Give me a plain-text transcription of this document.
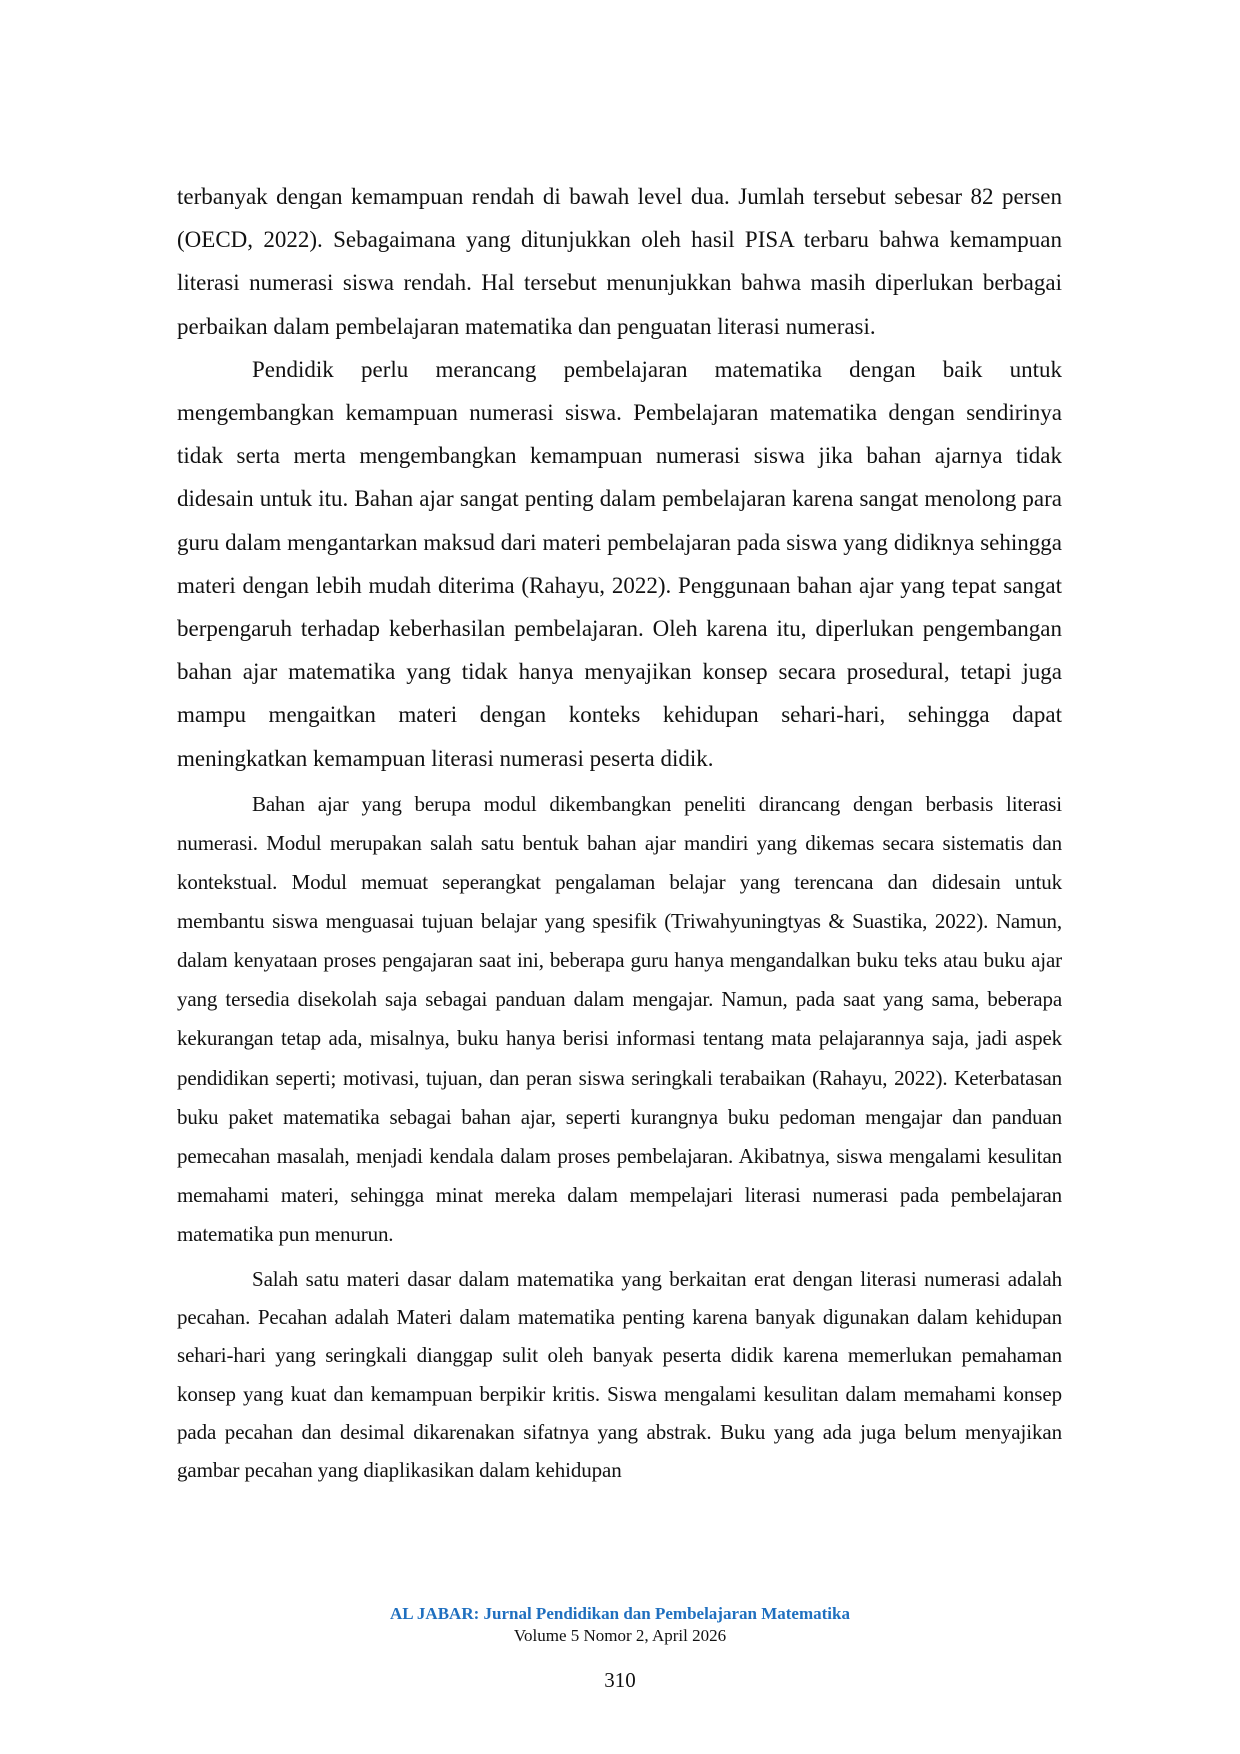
terbanyak dengan kemampuan rendah di bawah level dua. Jumlah tersebut sebesar 82 persen (OECD, 2022). Sebagaimana yang ditunjukkan oleh hasil PISA terbaru bahwa kemampuan literasi numerasi siswa rendah. Hal tersebut menunjukkan bahwa masih diperlukan berbagai perbaikan dalam pembelajaran matematika dan penguatan literasi numerasi.

Pendidik perlu merancang pembelajaran matematika dengan baik untuk mengembangkan kemampuan numerasi siswa. Pembelajaran matematika dengan sendirinya tidak serta merta mengembangkan kemampuan numerasi siswa jika bahan ajarnya tidak didesain untuk itu. Bahan ajar sangat penting dalam pembelajaran karena sangat menolong para guru dalam mengantarkan maksud dari materi pembelajaran pada siswa yang didiknya sehingga materi dengan lebih mudah diterima (Rahayu, 2022). Penggunaan bahan ajar yang tepat sangat berpengaruh terhadap keberhasilan pembelajaran. Oleh karena itu, diperlukan pengembangan bahan ajar matematika yang tidak hanya menyajikan konsep secara prosedural, tetapi juga mampu mengaitkan materi dengan konteks kehidupan sehari-hari, sehingga dapat meningkatkan kemampuan literasi numerasi peserta didik.

Bahan ajar yang berupa modul dikembangkan peneliti dirancang dengan berbasis literasi numerasi. Modul merupakan salah satu bentuk bahan ajar mandiri yang dikemas secara sistematis dan kontekstual. Modul memuat seperangkat pengalaman belajar yang terencana dan didesain untuk membantu siswa menguasai tujuan belajar yang spesifik (Triwahyuningtyas & Suastika, 2022). Namun, dalam kenyataan proses pengajaran saat ini, beberapa guru hanya mengandalkan buku teks atau buku ajar yang tersedia disekolah saja sebagai panduan dalam mengajar. Namun, pada saat yang sama, beberapa kekurangan tetap ada, misalnya, buku hanya berisi informasi tentang mata pelajarannya saja, jadi aspek pendidikan seperti; motivasi, tujuan, dan peran siswa seringkali terabaikan (Rahayu, 2022). Keterbatasan buku paket matematika sebagai bahan ajar, seperti kurangnya buku pedoman mengajar dan panduan pemecahan masalah, menjadi kendala dalam proses pembelajaran. Akibatnya, siswa mengalami kesulitan memahami materi, sehingga minat mereka dalam mempelajari literasi numerasi pada pembelajaran matematika pun menurun.

Salah satu materi dasar dalam matematika yang berkaitan erat dengan literasi numerasi adalah pecahan. Pecahan adalah Materi dalam matematika penting karena banyak digunakan dalam kehidupan sehari-hari yang seringkali dianggap sulit oleh banyak peserta didik karena memerlukan pemahaman konsep yang kuat dan kemampuan berpikir kritis. Siswa mengalami kesulitan dalam memahami konsep pada pecahan dan desimal dikarenakan sifatnya yang abstrak. Buku yang ada juga belum menyajikan gambar pecahan yang diaplikasikan dalam kehidupan

AL JABAR: Jurnal Pendidikan dan Pembelajaran Matematika
Volume 5 Nomor 2, April 2026
310
